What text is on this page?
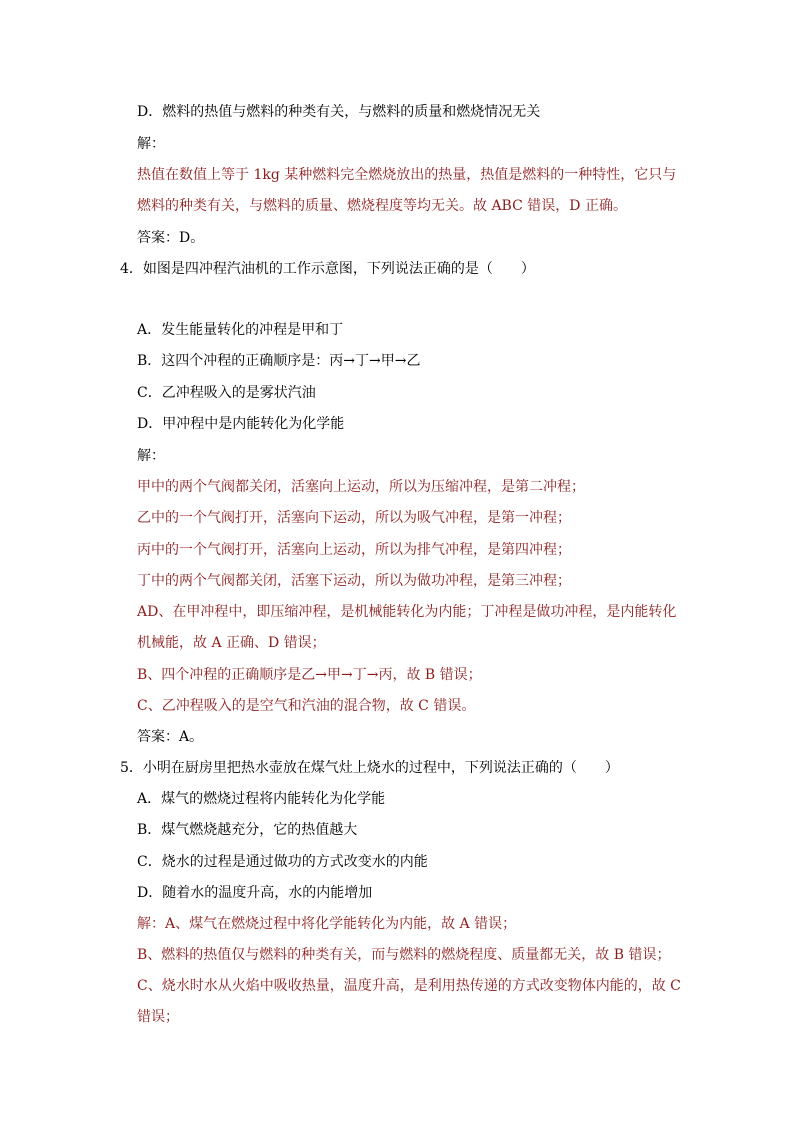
D．燃料的热值与燃料的种类有关，与燃料的质量和燃烧情况无关
解：
热值在数值上等于 1kg 某种燃料完全燃烧放出的热量，热值是燃料的一种特性，它只与
燃料的种类有关，与燃料的质量、燃烧程度等均无关。故 ABC 错误，D 正确。
答案：D。
4．如图是四冲程汽油机的工作示意图，下列说法正确的是（　　）
A．发生能量转化的冲程是甲和丁
B．这四个冲程的正确顺序是：丙→丁→甲→乙
C．乙冲程吸入的是雾状汽油
D．甲冲程中是内能转化为化学能
解：
甲中的两个气阀都关闭，活塞向上运动，所以为压缩冲程，是第二冲程；
乙中的一个气阀打开，活塞向下运动，所以为吸气冲程，是第一冲程；
丙中的一个气阀打开，活塞向上运动，所以为排气冲程，是第四冲程；
丁中的两个气阀都关闭，活塞下运动，所以为做功冲程，是第三冲程；
AD、在甲冲程中，即压缩冲程，是机械能转化为内能；丁冲程是做功冲程，是内能转化
机械能，故 A 正确、D 错误；
B、四个冲程的正确顺序是乙→甲→丁→丙，故 B 错误；
C、乙冲程吸入的是空气和汽油的混合物，故 C 错误。
答案：A。
5．小明在厨房里把热水壶放在煤气灶上烧水的过程中，下列说法正确的（　　）
A．煤气的燃烧过程将内能转化为化学能
B．煤气燃烧越充分，它的热值越大
C．烧水的过程是通过做功的方式改变水的内能
D．随着水的温度升高，水的内能增加
解：A、煤气在燃烧过程中将化学能转化为内能，故 A 错误；
B、燃料的热值仅与燃料的种类有关，而与燃料的燃烧程度、质量都无关，故 B 错误；
C、烧水时水从火焰中吸收热量，温度升高，是利用热传递的方式改变物体内能的，故 C
错误；
